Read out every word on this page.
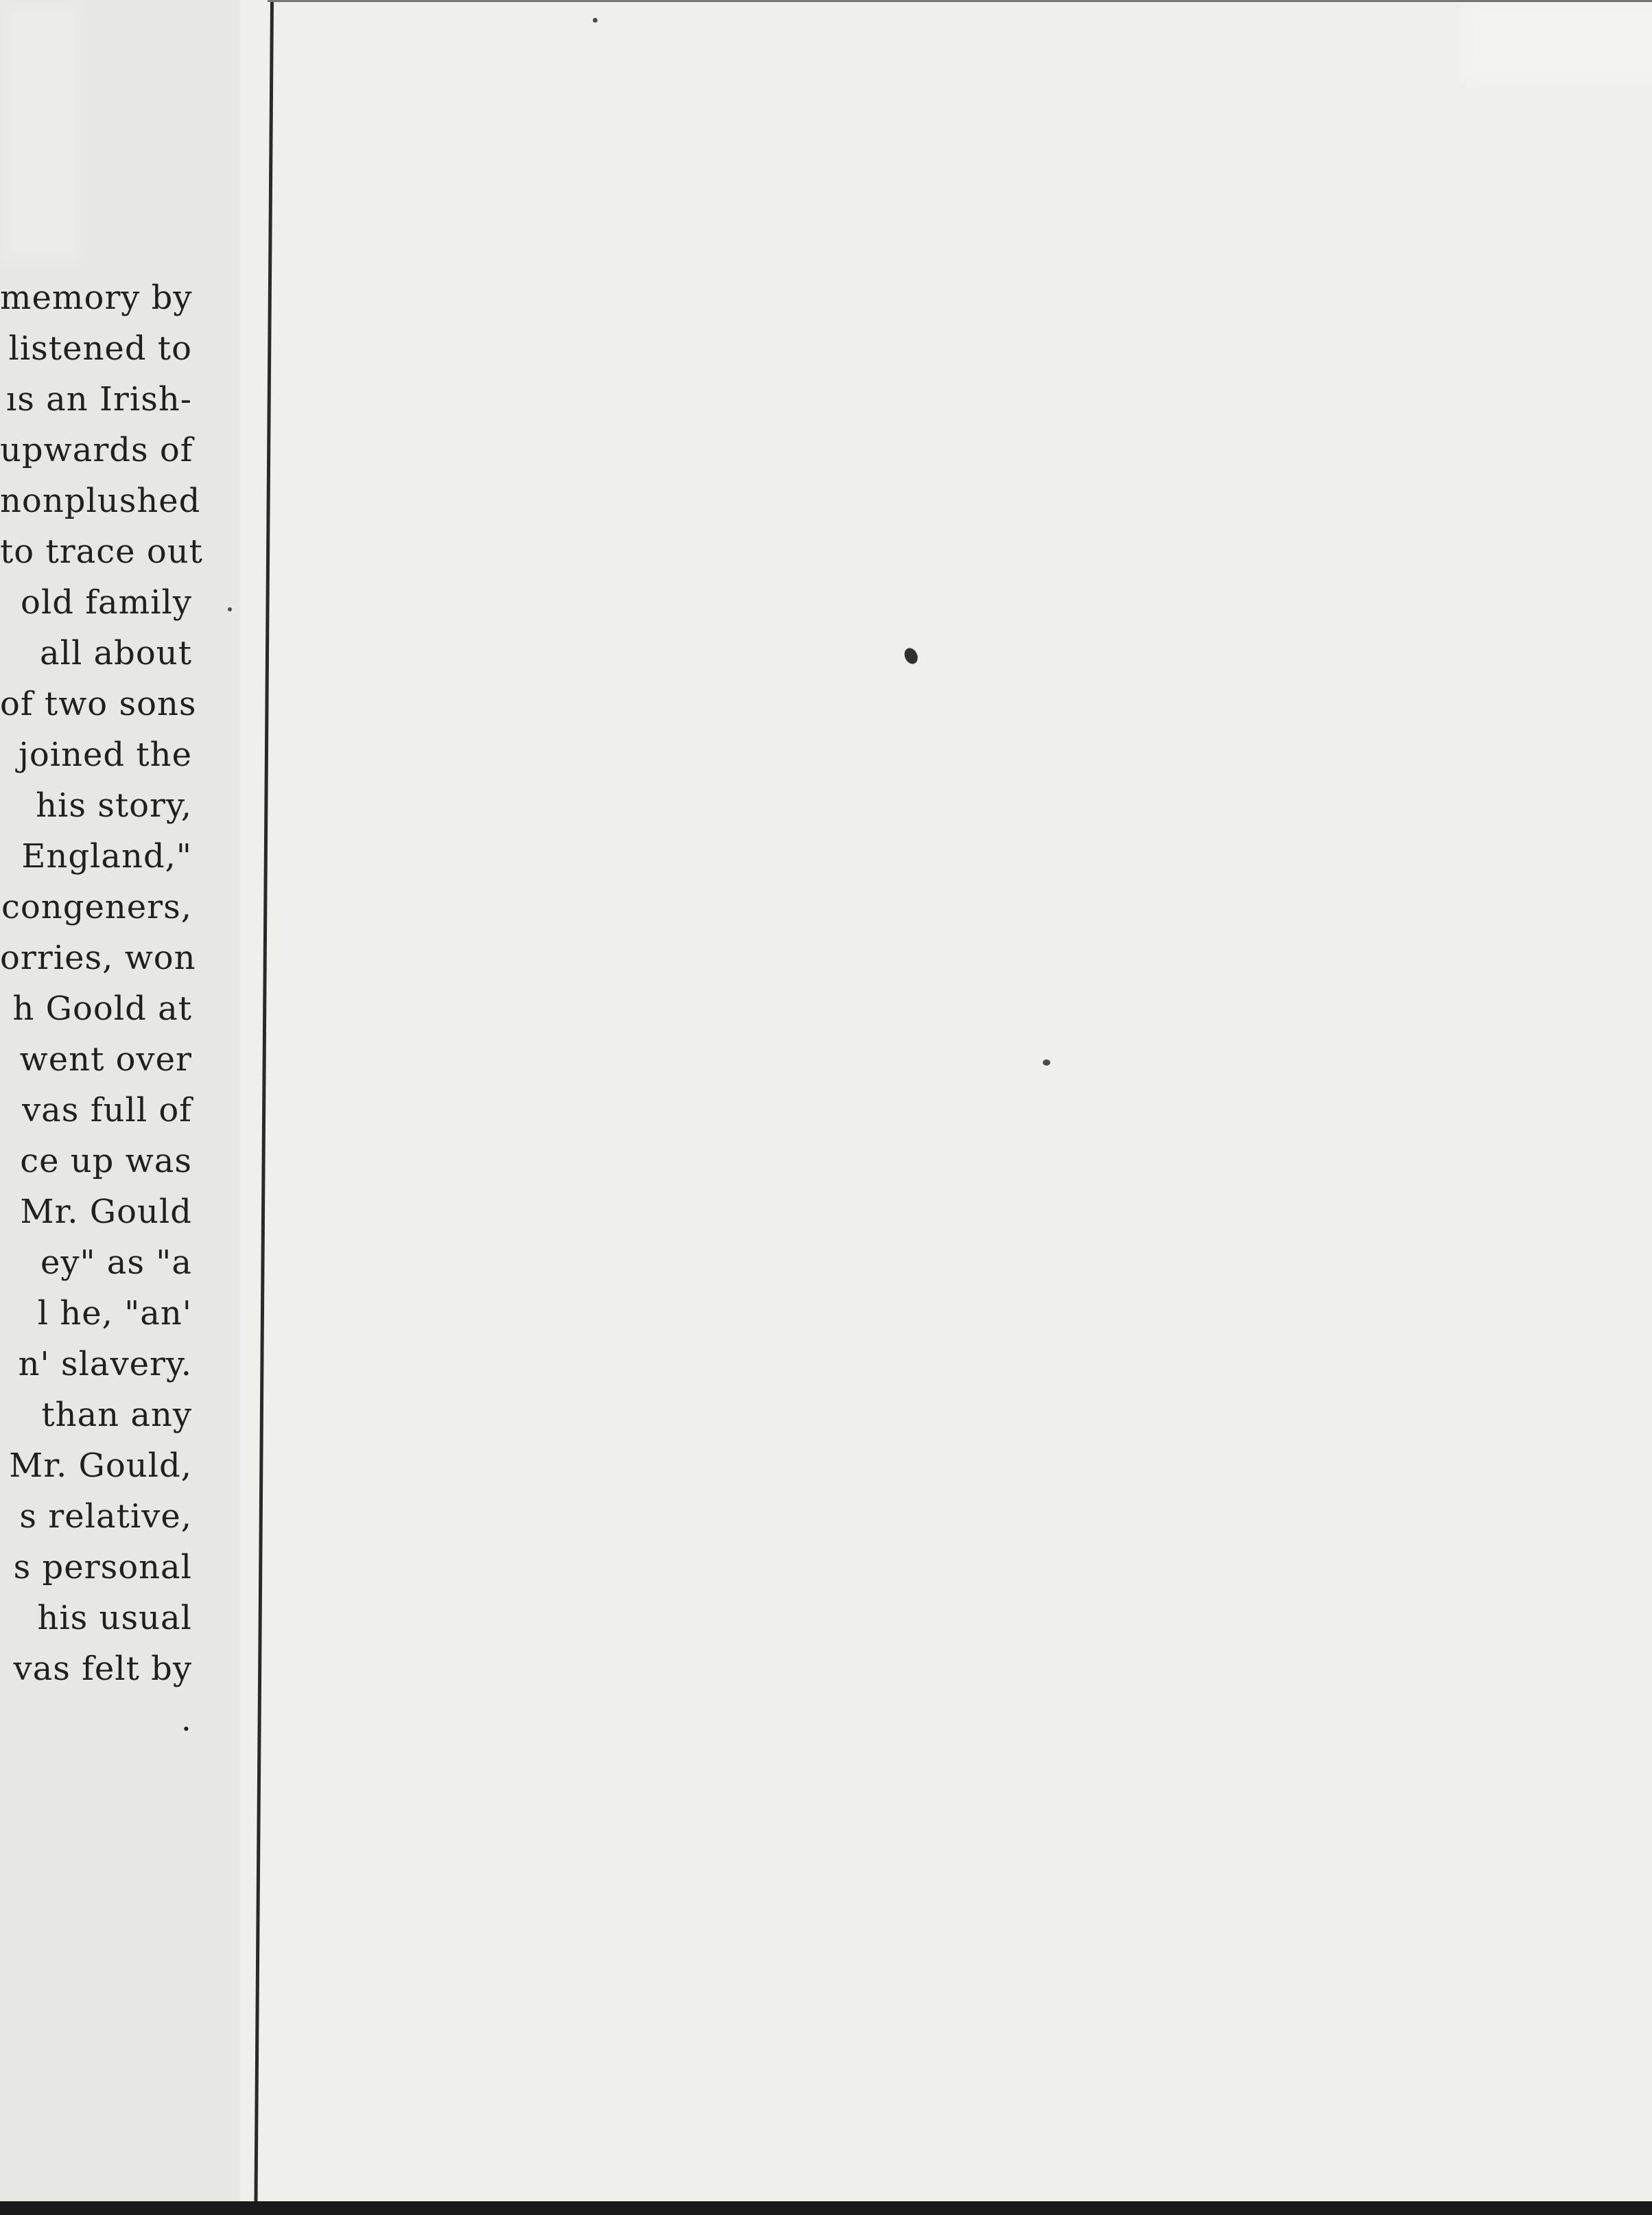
memory by
listened to
ıs an Irish-
upwards of
nonplushed
to trace out
old family
all about
of two sons
joined the
his story,
England,"
congeners,
orries, won
h Goold at
went over
vas full of
ce up was
Mr. Gould
ey" as "a
l he, "an'
n' slavery.
than any
Mr. Gould,
s relative,
s personal
his usual
vas felt by
.
